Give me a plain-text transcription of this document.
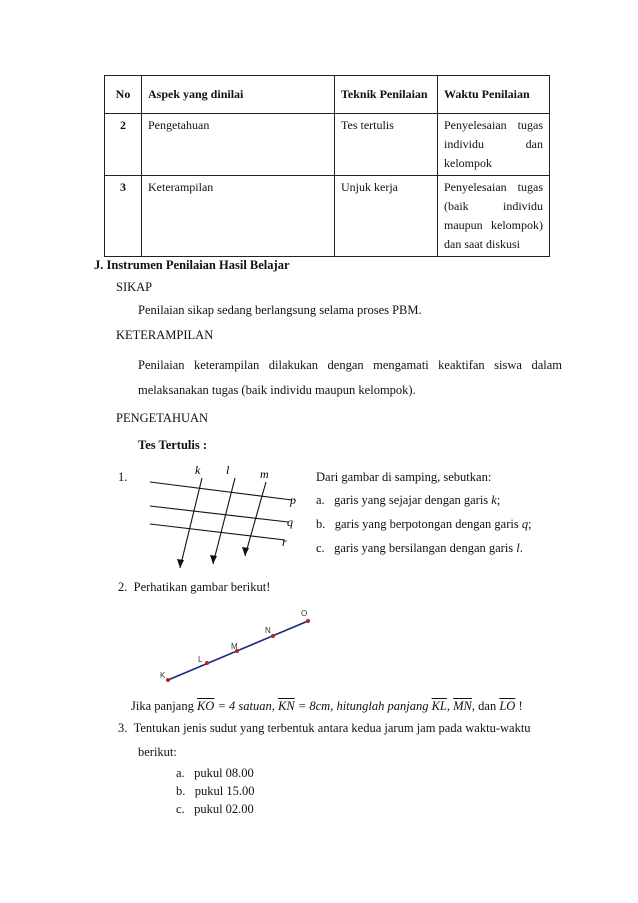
No	Aspek yang dinilai	Teknik Penilaian	Waktu Penilaian
2	Pengetahuan	Tes tertulis	Penyelesaian tugas
individu dan
kelompok

3	Keterampilan	Unjuk kerja	Penyelesaian tugas
(baik individu
maupun kelompok)
dan saat diskusi
J. Instrumen Penilaian Hasil Belajar
SIKAP
Penilaian sikap sedang berlangsung selama proses PBM.
KETERAMPILAN
Penilaian keterampilan dilakukan dengan mengamati keaktifan siswa dalam
melaksanakan tugas (baik individu maupun kelompok).
PENGETAHUAN
Tes Tertulis :
1.	k l	m
p
q
r
Dari gambar di samping, sebutkan:
a. garis yang sejajar dengan garis k;
b. garis yang berpotongan dengan garis q;
c. garis yang bersilangan dengan garis l.
2. Perhatikan gambar berikut!
K
L
M
N
O
Jika panjang $\overline{KO} = 4$ satuan, $\overline{KN} = 8cm$, hitunglah panjang $\overline{KL}$, $\overline{MN}$, dan $\overline{LO}$ !
3. Tentukan jenis sudut yang terbentuk antara kedua jarum jam pada waktu-waktu
berikut:
a. pukul 08.00
b. pukul 15.00
c. pukul 02.00
